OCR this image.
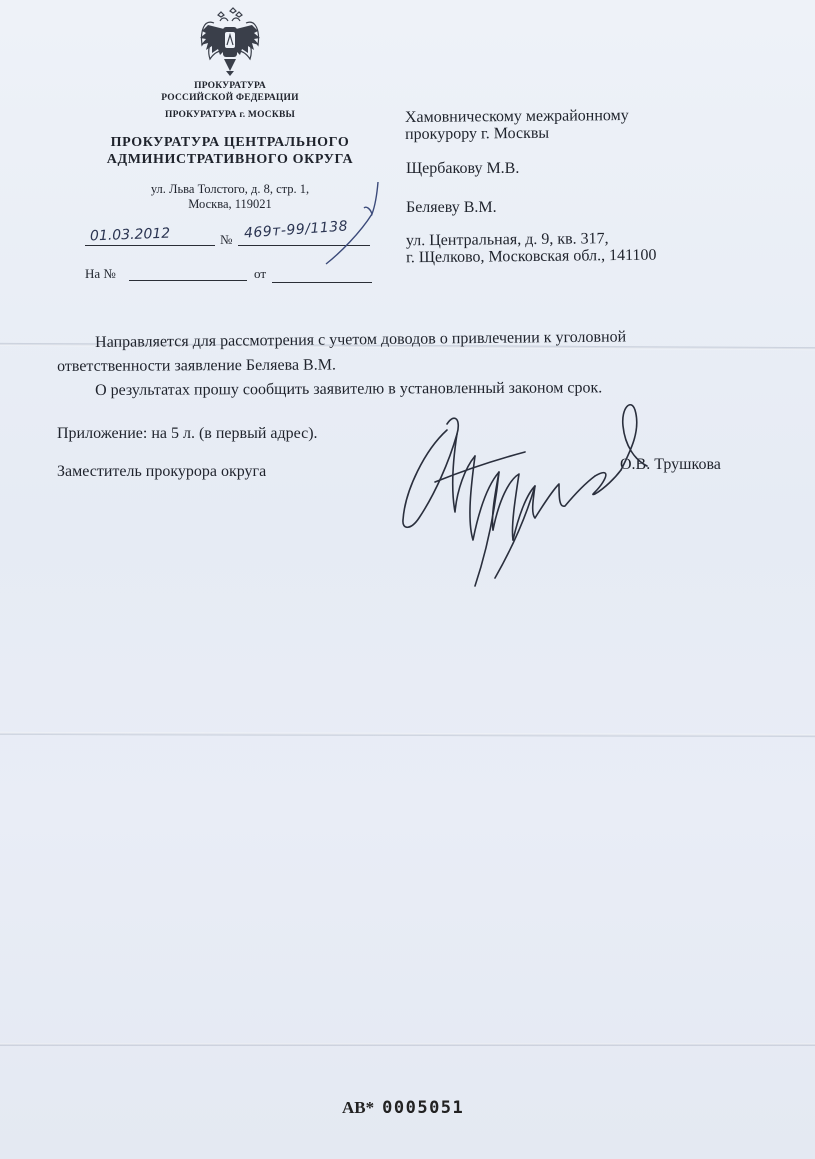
ПРОКУРАТУРА
РОССИЙСКОЙ ФЕДЕРАЦИИ
ПРОКУРАТУРА г. МОСКВЫ
ПРОКУРАТУРА ЦЕНТРАЛЬНОГО
АДМИНИСТРАТИВНОГО ОКРУГА
ул. Льва Толстого, д. 8, стр. 1,
Москва, 119021
01.03.2012	№ 469т-99/1138
На №	от
Хамовническому межрайонному
прокурору г. Москвы
Щербакову М.В.
Беляеву В.М.
ул. Центральная, д. 9, кв. 317,
г. Щелково, Московская обл., 141100
Направляется для рассмотрения с учетом доводов о привлечении к уголовной
ответственности заявление Беляева В.М.
О результатах прошу сообщить заявителю в установленный законом срок.
Приложение: на 5 л. (в первый адрес).
Заместитель прокурора округа	О.В. Трушкова
АВ* 0005051
